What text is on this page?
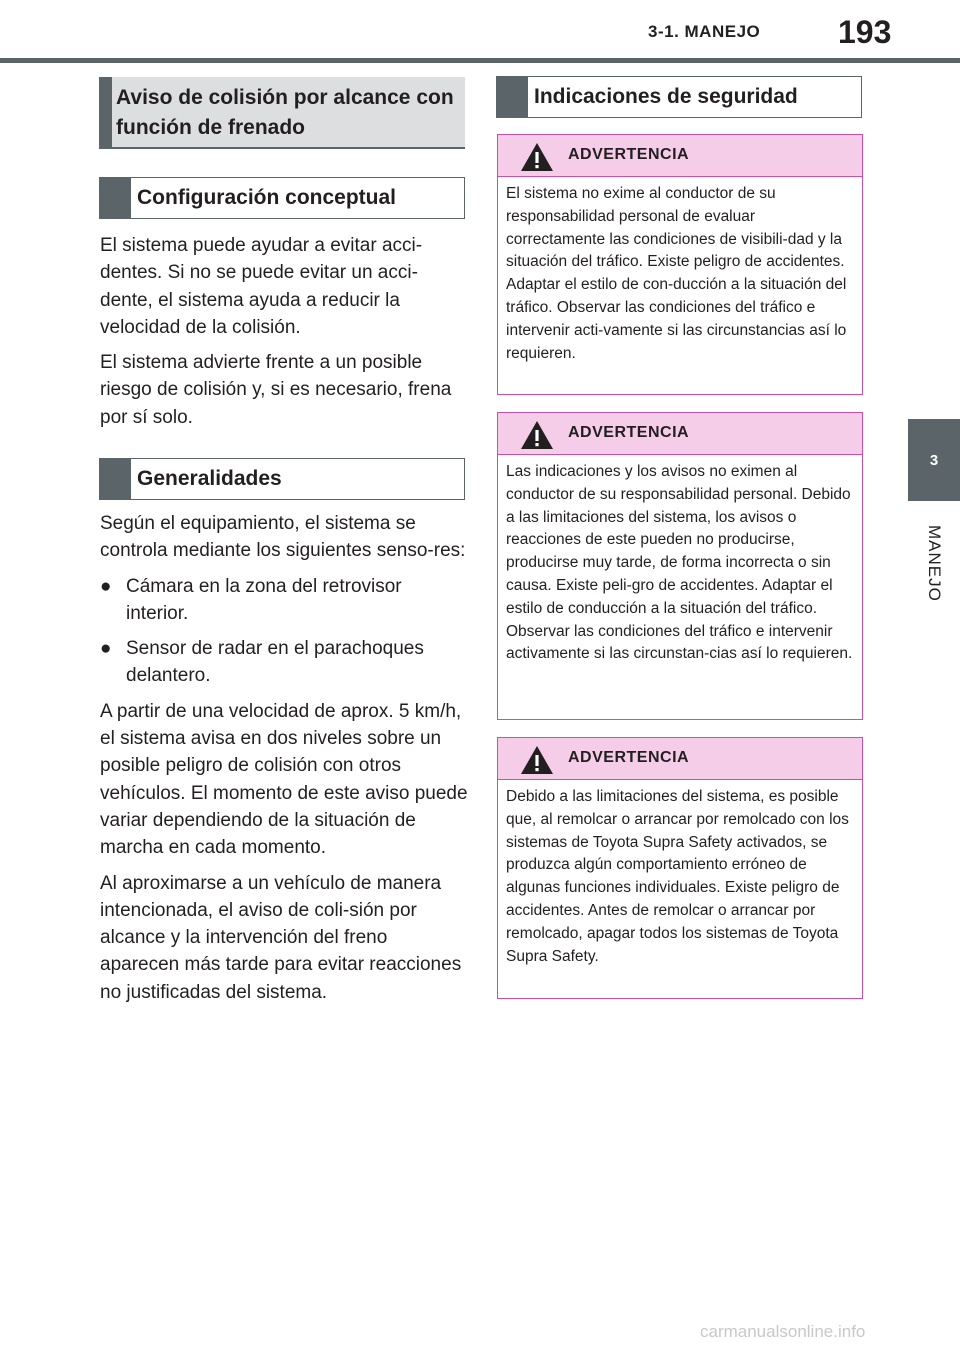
3-1. MANEJO 193
3
MANEJO
Aviso de colisión por alcance con función de frenado
Configuración conceptual

El sistema puede ayudar a evitar acci-dentes. Si no se puede evitar un acci-dente, el sistema ayuda a reducir la velocidad de la colisión.

El sistema advierte frente a un posible riesgo de colisión y, si es necesario, frena por sí solo.

Generalidades

Según el equipamiento, el sistema se controla mediante los siguientes senso-res:

● Cámara en la zona del retrovisor interior.
● Sensor de radar en el parachoques delantero.

A partir de una velocidad de aprox. 5 km/h, el sistema avisa en dos niveles sobre un posible peligro de colisión con otros vehículos. El momento de este aviso puede variar dependiendo de la situación de marcha en cada momento.

Al aproximarse a un vehículo de manera intencionada, el aviso de coli-sión por alcance y la intervención del freno aparecen más tarde para evitar reacciones no justificadas del sistema.

Indicaciones de seguridad
ADVERTENCIA
El sistema no exime al conductor de su responsabilidad personal de evaluar correctamente las condiciones de visibili-dad y la situación del tráfico. Existe peligro de accidentes. Adaptar el estilo de con-ducción a la situación del tráfico. Observar las condiciones del tráfico e intervenir acti-vamente si las circunstancias así lo requieren.
ADVERTENCIA
Las indicaciones y los avisos no eximen al conductor de su responsabilidad personal. Debido a las limitaciones del sistema, los avisos o reacciones de este pueden no producirse, producirse muy tarde, de forma incorrecta o sin causa. Existe peli-gro de accidentes. Adaptar el estilo de conducción a la situación del tráfico. Observar las condiciones del tráfico e intervenir activamente si las circunstan-cias así lo requieren.
ADVERTENCIA
Debido a las limitaciones del sistema, es posible que, al remolcar o arrancar por remolcado con los sistemas de Toyota Supra Safety activados, se produzca algún comportamiento erróneo de algunas funciones individuales. Existe peligro de accidentes. Antes de remolcar o arrancar por remolcado, apagar todos los sistemas de Toyota Supra Safety.
carmanualsonline.info
